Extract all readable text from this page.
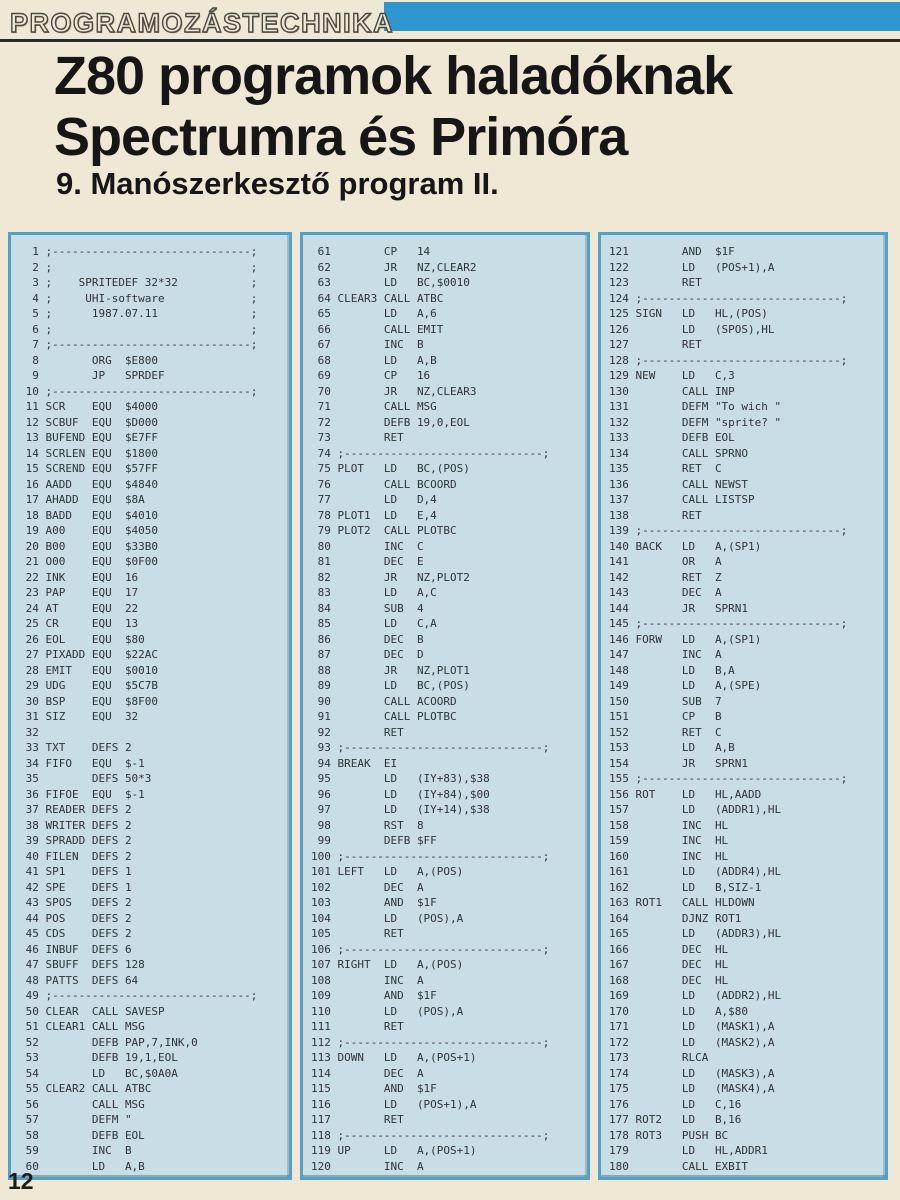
PROGRAMOZÁSTECHNIKA
Z80 programok haladóknak
Spectrumra és Primóra
9. Manószerkesztő program II.
1 ;------------------------------;
2 ;                              ;
3 ;    SPRITEDEF 32*32           ;
4 ;     UHI-software             ;
5 ;      1987.07.11              ;
6 ;                              ;
7 ;------------------------------;
8       ORG  $E800
9       JP   SPRDEF
10 ;------------------------------;
11 SCR    EQU  $4000
12 SCBUF  EQU  $D000
13 BUFEND EQU  $E7FF
14 SCRLEN EQU  $1800
15 SCREND EQU  $57FF
16 AADD   EQU  $4840
17 AHADD  EQU  $8A
18 BADD   EQU  $4010
19 A00    EQU  $4050
20 B00    EQU  $33B0
21 O00    EQU  $0F00
22 INK    EQU  16
23 PAP    EQU  17
24 AT     EQU  22
25 CR     EQU  13
26 EOL    EQU  $80
27 PIXADD EQU  $22AC
28 EMIT   EQU  $0010
29 UDG    EQU  $5C7B
30 BSP    EQU  $8F00
31 SIZ    EQU  32
32
33 TXT    DEFS 2
34 FIFO   EQU  $-1
35       DEFS 50*3
36 FIFOE  EQU  $-1
37 READER DEFS 2
38 WRITER DEFS 2
39 SPRADD DEFS 2
40 FILEN  DEFS 2
41 SP1    DEFS 1
42 SPE    DEFS 1
43 SPOS   DEFS 2
44 POS    DEFS 2
45 CDS    DEFS 2
46 INBUF  DEFS 6
47 SBUFF  DEFS 128
48 PATTS  DEFS 64
49 ;------------------------------;
50 CLEAR  CALL SAVESP
51 CLEAR1 CALL MSG
52       DEFB PAP,7,INK,0
53       DEFB 19,1,EOL
54       LD   BC,$0A0A
55 CLEAR2 CALL ATBC
56       CALL MSG
57       DEFM "
58       DEFB EOL
59       INC  B
60       LD   A,B
61       CP   14
62       JR   NZ,CLEAR2
63       LD   BC,$0010
64 CLEAR3 CALL ATBC
65       LD   A,6
66       CALL EMIT
67       INC  B
68       LD   A,B
69       CP   16
70       JR   NZ,CLEAR3
71       CALL MSG
72       DEFB 19,0,EOL
73       RET
74 ;------------------------------;
75 PLOT   LD   BC,(POS)
76       CALL BCOORD
77       LD   D,4
78 PLOT1  LD   E,4
79 PLOT2  CALL PLOTBC
80       INC  C
81       DEC  E
82       JR   NZ,PLOT2
83       LD   A,C
84       SUB  4
85       LD   C,A
86       DEC  B
87       DEC  D
88       JR   NZ,PLOT1
89       LD   BC,(POS)
90       CALL ACOORD
91       CALL PLOTBC
92       RET
93 ;------------------------------;
94 BREAK  EI
95       LD   (IY+83),$38
96       LD   (IY+84),$00
97       LD   (IY+14),$38
98       RST  8
99       DEFB $FF
100 ;------------------------------;
101 LEFT   LD   A,(POS)
102       DEC  A
103       AND  $1F
104       LD   (POS),A
105       RET
106 ;------------------------------;
107 RIGHT  LD   A,(POS)
108       INC  A
109       AND  $1F
110       LD   (POS),A
111       RET
112 ;------------------------------;
113 DOWN   LD   A,(POS+1)
114       DEC  A
115       AND  $1F
116       LD   (POS+1),A
117       RET
118 ;------------------------------;
119 UP     LD   A,(POS+1)
120       INC  A
121       AND  $1F
122       LD   (POS+1),A
123       RET
124 ;------------------------------;
125 SIGN   LD   HL,(POS)
126       LD   (SPOS),HL
127       RET
128 ;------------------------------;
129 NEW    LD   C,3
130       CALL INP
131       DEFM "To wich "
132       DEFM "sprite? "
133       DEFB EOL
134       CALL SPRNO
135       RET  C
136       CALL NEWST
137       CALL LISTSP
138       RET
139 ;------------------------------;
140 BACK   LD   A,(SP1)
141       OR   A
142       RET  Z
143       DEC  A
144       JR   SPRN1
145 ;------------------------------;
146 FORW   LD   A,(SP1)
147       INC  A
148       LD   B,A
149       LD   A,(SPE)
150       SUB  7
151       CP   B
152       RET  C
153       LD   A,B
154       JR   SPRN1
155 ;------------------------------;
156 ROT    LD   HL,AADD
157       LD   (ADDR1),HL
158       INC  HL
159       INC  HL
160       INC  HL
161       LD   (ADDR4),HL
162       LD   B,SIZ-1
163 ROT1   CALL HLDOWN
164       DJNZ ROT1
165       LD   (ADDR3),HL
166       DEC  HL
167       DEC  HL
168       DEC  HL
169       LD   (ADDR2),HL
170       LD   A,$80
171       LD   (MASK1),A
172       LD   (MASK2),A
173       RLCA
174       LD   (MASK3),A
175       LD   (MASK4),A
176       LD   C,16
177 ROT2   LD   B,16
178 ROT3   PUSH BC
179       LD   HL,ADDR1
180       CALL EXBIT
12
